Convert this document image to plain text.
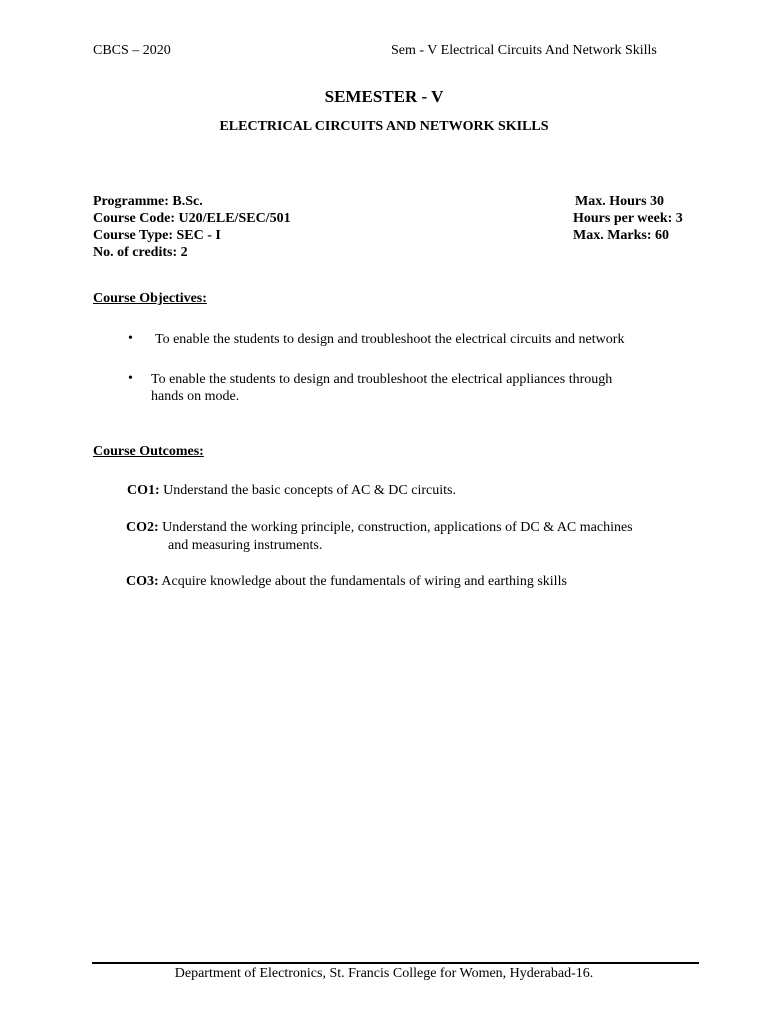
CBCS – 2020	Sem - V Electrical Circuits And Network Skills
SEMESTER - V
ELECTRICAL CIRCUITS AND NETWORK SKILLS
Programme: B.Sc.
Course Code: U20/ELE/SEC/501
Course Type: SEC - I
No. of credits: 2
Max. Hours 30
Hours per week: 3
Max. Marks: 60
Course Objectives:
• To enable the students to design and troubleshoot the electrical circuits and network
• To enable the students to design and troubleshoot the electrical appliances through
hands on mode.
Course Outcomes:
CO1: Understand the basic concepts of AC & DC circuits.
CO2: Understand the working principle, construction, applications of DC & AC machines
and measuring instruments.
CO3: Acquire knowledge about the fundamentals of wiring and earthing skills
Department of Electronics, St. Francis College for Women, Hyderabad-16.
